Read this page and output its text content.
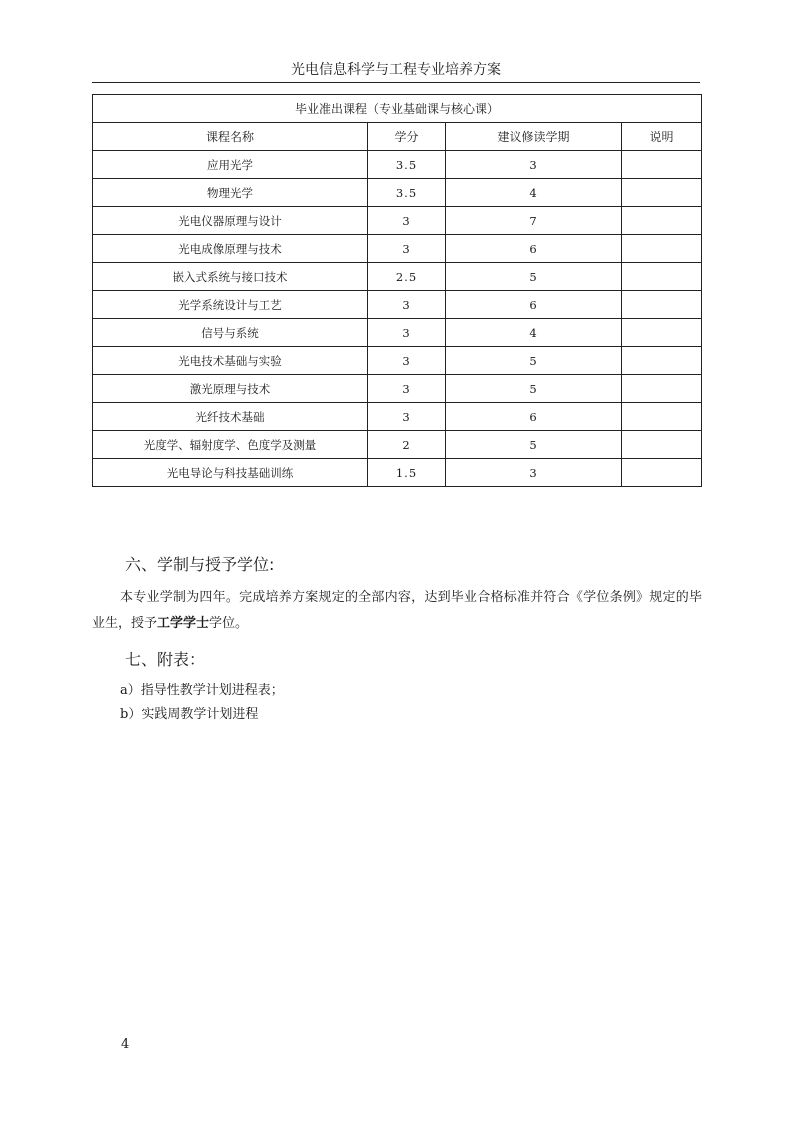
光电信息科学与工程专业培养方案
毕业准出课程（专业基础课与核心课）			
课程名称	学分	建议修读学期	说明
应用光学	3.5	3	
物理光学	3.5	4	
光电仪器原理与设计	3	7	
光电成像原理与技术	3	6	
嵌入式系统与接口技术	2.5	5	
光学系统设计与工艺	3	6	
信号与系统	3	4	
光电技术基础与实验	3	5	
激光原理与技术	3	5	
光纤技术基础	3	6	
光度学、辐射度学、色度学及测量	2	5	
光电导论与科技基础训练	1.5	3	
六、学制与授予学位:
本专业学制为四年。完成培养方案规定的全部内容，达到毕业合格标准并符合《学位条例》规定的毕业生，授予工学学士学位。
七、附表：
a）指导性教学计划进程表；
b）实践周教学计划进程
4
